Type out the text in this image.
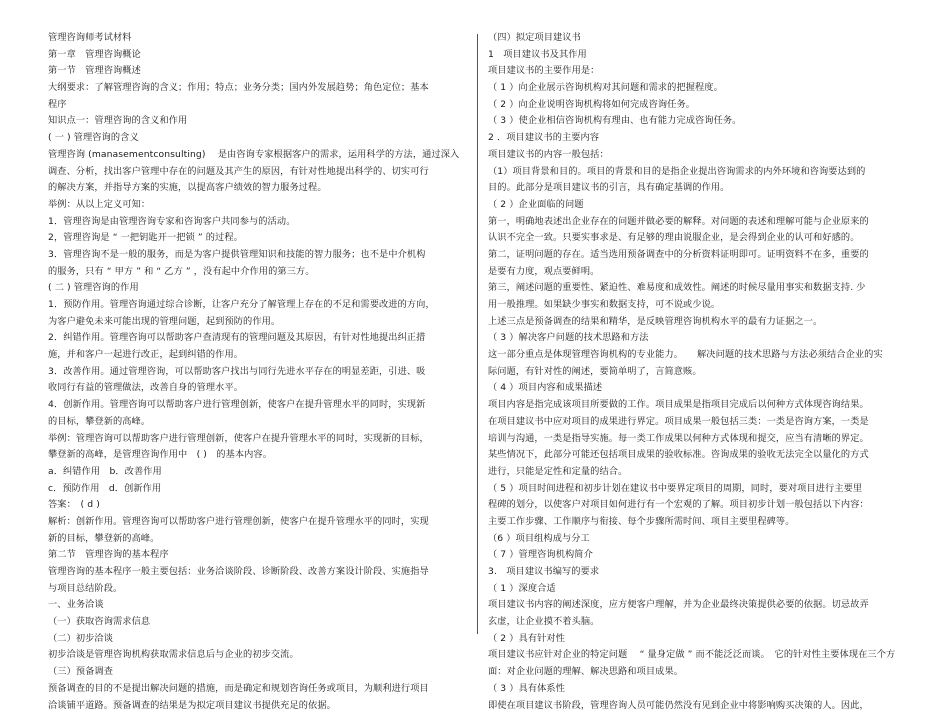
管理咨询师考试材料
第一章　管理咨询概论
第一节　管理咨询概述
大纲要求：了解管理咨询的含义；作用；特点；业务分类；国内外发展趋势；角色定位；基本
程序
知识点一：管理咨询的含义和作用
( 一 ) 管理咨询的含义
管理咨询 (manasementconsulting)　 是由咨询专家根据客户的需求，运用科学的方法，通过深入
调查、分析，找出客户管理中存在的问题及其产生的原因，有针对性地提出科学的、切实可行
的解决方案，并指导方案的实施，以提高客户绩效的智力服务过程。
举例：从以上定义可知：
1．管理咨询是由管理咨询专家和咨询客户共同参与的活动。
2，管理咨询是 “ 一把钥匙开一把锁 ” 的过程。
3．管理咨询不是一般的服务，而是为客户提供管理知识和技能的智力服务；也不是中介机构
的服务，只有 “ 甲方 ” 和 “ 乙方 ” ，没有起中介作用的第三方。
( 二 ) 管理咨询的作用
1．预防作用。管理咨询通过综合诊断，让客户充分了解管理上存在的不足和需要改进的方向，
为客户避免未来可能出现的管理问题，起到预防的作用。
2．纠错作用。管理咨询可以帮助客户查清现有的管理问题及其原因，有针对性地提出纠正措
施，并和客户一起进行改正，起到纠错的作用。
3．改善作用。通过管理咨询，可以帮助客户找出与同行先进水平存在的明显差距，引进、吸
收同行有益的管理做法，改善自身的管理水平。
4．创新作用。管理咨询可以帮助客户进行管理创新，使客户在提升管理水平的同时，实现新
的目标，攀登新的高峰。
举例：管理咨询可以帮助客户进行管理创新，使客户在提升管理水平的同时，实现新的目标，
攀登新的高峰，是管理咨询作用中　( )　的基本内容。
a．纠错作用　b．改善作用
c．预防作用　d．创新作用
答案：　( d )
解析：创新作用。管理咨询可以帮助客户进行管理创新，使客户在提升管理水平的同时，实现
新的目标，攀登新的高峰。
第二节　管理咨询的基本程序
管理咨询的基本程序一般主要包括：业务洽谈阶段、诊断阶段、改善方案设计阶段、实施指导
与项目总结阶段。
一、业务洽谈
（一）获取咨询需求信息
（二）初步洽谈
初步洽谈是管理咨询机构获取需求信息后与企业的初步交流。
（三）预备调查
预备调查的目的不是提出解决问题的措施，而是确定和规划咨询任务或项目，为顺利进行项目
洽谈铺平道路。预备调查的结果是为拟定项目建议书提供充足的依据。
（四）拟定项目建议书
1　项目建议书及其作用
项目建议书的主要作用是：
（ 1 ）向企业展示咨询机构对其问题和需求的把握程度。
（ 2 ）向企业说明咨询机构将如何完成咨询任务。
（ 3 ）使企业相信咨询机构有理由、也有能力完成咨询任务。
2 ．项目建议书的主要内容
项目建议书的内容一般包括：
（1）项目背景和目的。项目的背景和目的是指企业提出咨询需求的内外环境和咨询要达到的
目的。此部分是项目建议书的引言，具有确定基调的作用。
（ 2 ）企业面临的问题
第一，明确地表述出企业存在的问题并做必要的解释。对问题的表述和理解可能与企业原来的
认识不完全一致。只要实事求是、有足够的理由说服企业，是会得到企业的认可和好感的。
第二，证明问题的存在。适当选用预备调查中的分析资料证明即可。证明资料不在多，重要的
是要有力度，观点要鲜明。
第三，阐述问题的重要性、紧迫性、难易度和成效性。阐述的时候尽量用事实和数据支持. 少
用一般推理。如果缺少事实和数据支持，可不说或少说。
上述三点是预备调查的结果和精华，是反映管理咨询机构水平的最有力证据之一。
（ 3 ）解决客户问题的技术思路和方法
这一部分重点是体现管理咨询机构的专业能力。　　解决问题的技术思路与方法必须结合企业的实
际问题，有针对性的阐述，要简单明了，言简意赅。
（ 4 ）项目内容和成果描述
项目内容是指完成该项目所要做的工作。项目成果是指项目完成后以何种方式体现咨询结果。
在项目建议书中应对项目的成果进行界定。项目成果一般包括三类：一类是咨询方案，一类是
培训与沟通，一类是指导实施。每一类工作成果以何种方式体现和提交，应当有清晰的界定。
某些情况下，此部分可能还包括项目成果的验收标准。咨询成果的验收无法完全以量化的方式
进行，只能是定性和定量的结合。
（ 5 ）项目时间进程和初步计划在建议书中要界定项目的周期，同时，要对项目进行主要里
程碑的划分，以使客户对项目如何进行有一个宏观的了解。项目初步计划一般包括以下内容：
主要工作步骤、工作顺序与衔接、每个步骤所需时间、项目主要里程碑等。
（6 ）项目组构成与分工
（ 7 ）管理咨询机构简介
3.　项目建议书编写的要求
（ 1 ）深度合适
项目建议书内容的阐述深度，应方便客户理解，并为企业最终决策提供必要的依据。切忌故弄
玄虚，让企业摸不着头脑。
（ 2 ）具有针对性
项目建议书应针对企业的特定问题　 “ 量身定做 ” 而不能泛泛而谈。　它的针对性主要体现在三个方
面：对企业问题的理解、解决思路和项目成果。
（ 3 ）具有体系性
即使在项目建议书阶段，管理咨询人员可能仍然没有见到企业中将影响购买决策的人。因此，
